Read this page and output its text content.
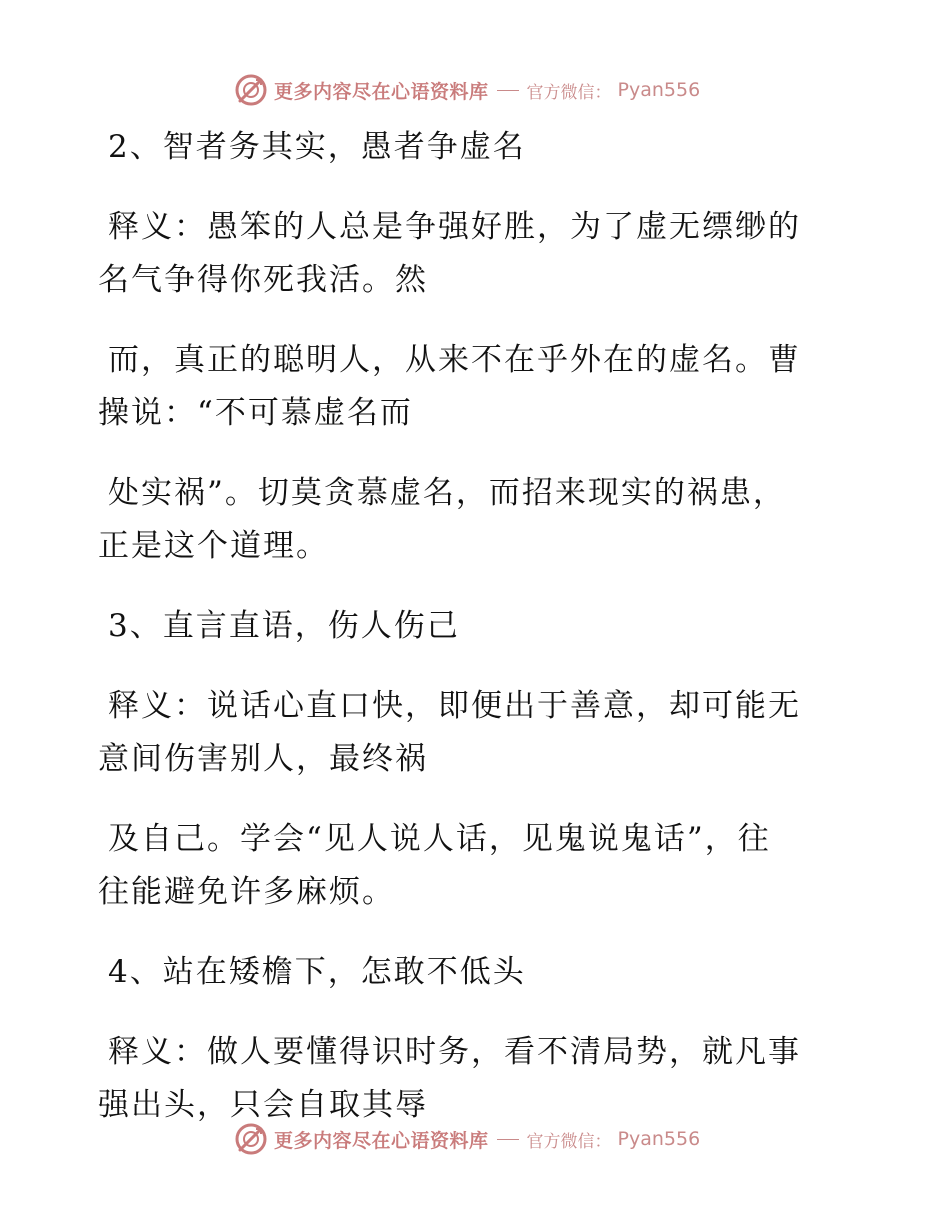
更多内容尽在心语资料库 官方微信： Pyan556
2、智者务其实，愚者争虚名
释义：愚笨的人总是争强好胜，为了虚无缥缈的
名气争得你死我活。然
而，真正的聪明人，从来不在乎外在的虚名。曹
操说：“不可慕虚名而
处实祸”。切莫贪慕虚名，而招来现实的祸患，
正是这个道理。
3、直言直语，伤人伤己
释义：说话心直口快，即便出于善意，却可能无
意间伤害别人，最终祸
及自己。学会“见人说人话，见鬼说鬼话”，往
往能避免许多麻烦。
4、站在矮檐下，怎敢不低头
释义：做人要懂得识时务，看不清局势，就凡事
强出头，只会自取其辱
更多内容尽在心语资料库 官方微信： Pyan556
